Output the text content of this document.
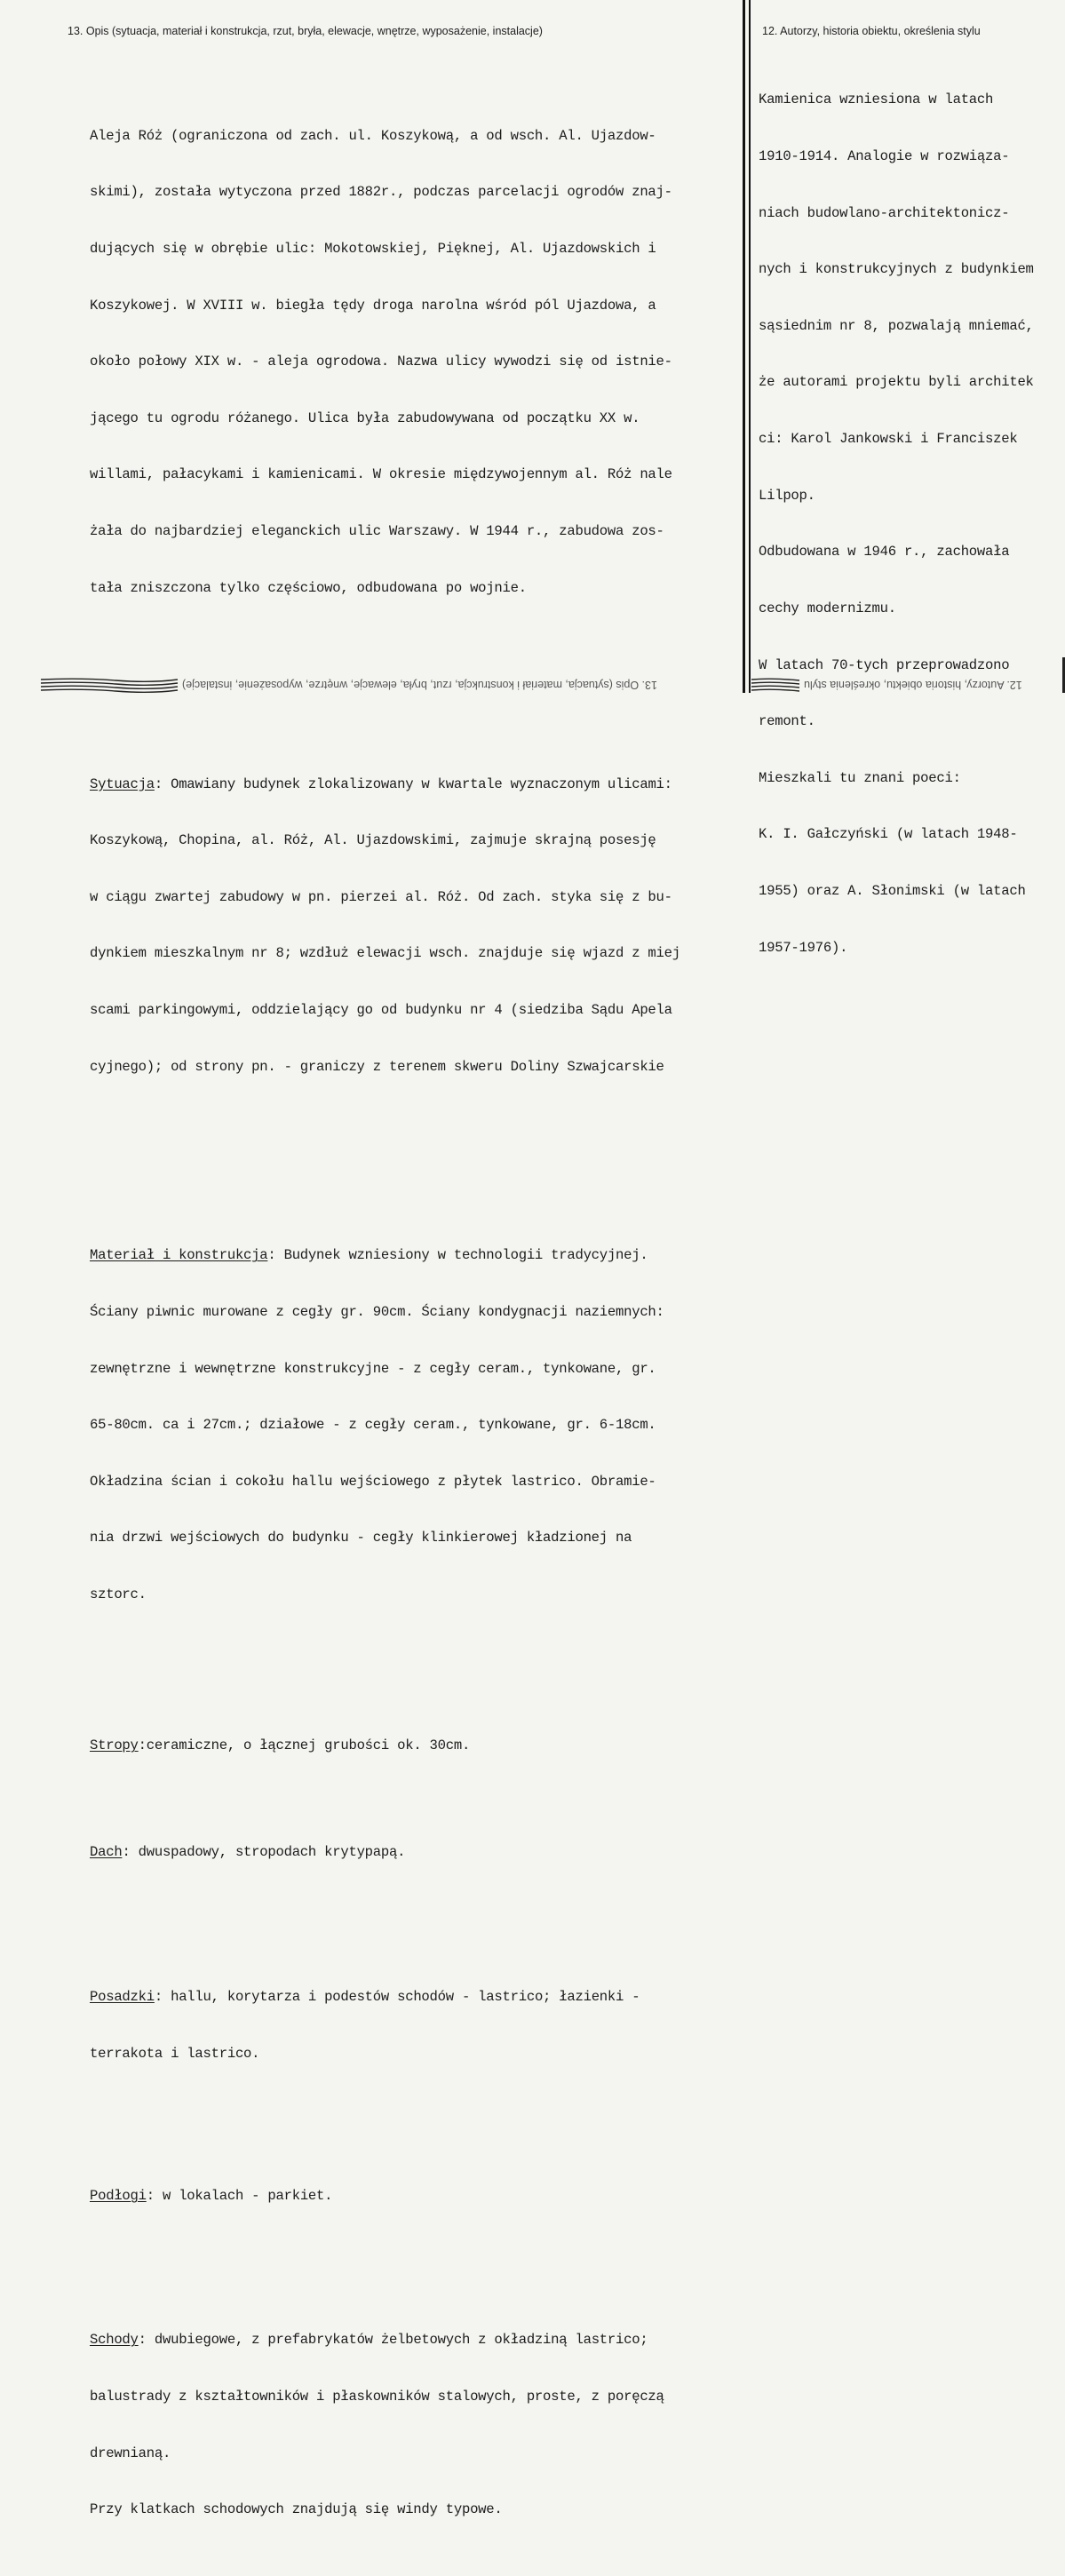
13. Opis (sytuacja, materiał i konstrukcja, rzut, bryła, elewacje, wnętrze, wyposażenie, instalacje)	12. Autorzy, historia obiektu, określenia stylu

Aleja Róż (ograniczona od zach. ul. Koszykową, a od wsch. Al. Ujazdow-

skimi), została wytyczona przed 1882r., podczas parcelacji ogrodów znaj-

dujących się w obrębie ulic: Mokotowskiej, Pięknej, Al. Ujazdowskich i

Koszykowej. W XVIII w. biegła tędy droga narolna wśród pól Ujazdowa, a

około połowy XIX w. - aleja ogrodowa. Nazwa ulicy wywodzi się od istnie-

jącego tu ogrodu różanego. Ulica była zabudowywana od początku XX w.

willami, pałacykami i kamienicami. W okresie międzywojennym al. Róż nale

żała do najbardziej eleganckich ulic Warszawy. W 1944 r., zabudowa zos-

tała zniszczona tylko częściowo, odbudowana po wojnie.

Sytuacja: Omawiany budynek zlokalizowany w kwartale wyznaczonym ulicami:

Koszykową, Chopina, al. Róż, Al. Ujazdowskimi, zajmuje skrajną posesję

w ciągu zwartej zabudowy w pn. pierzei al. Róż. Od zach. styka się z bu-

dynkiem mieszkalnym nr 8; wzdłuż elewacji wsch. znajduje się wjazd z miej

scami parkingowymi, oddzielający go od budynku nr 4 (siedziba Sądu Apela

cyjnego); od strony pn. - graniczy z terenem skweru Doliny Szwajcarskie

Materiał i konstrukcja: Budynek wzniesiony w technologii tradycyjnej.

Ściany piwnic murowane z cegły gr. 90cm. Ściany kondygnacji naziemnych:

zewnętrzne i wewnętrzne konstrukcyjne - z cegły ceram., tynkowane, gr.

65-80cm. ca i 27cm.; działowe - z cegły ceram., tynkowane, gr. 6-18cm.

Okładzina ścian i cokołu hallu wejściowego z płytek lastrico. Obramie-

nia drzwi wejściowych do budynku - cegły klinkierowej kładzionej na

sztorc.

Stropy:ceramiczne, o łącznej grubości ok. 30cm.

Dach: dwuspadowy, stropodach krytypapą.

Posadzki: hallu, korytarza i podestów schodów - lastrico; łazienki -

terrakota i lastrico.

Podłogi: w lokalach - parkiet.

Schody: dwubiegowe, z prefabrykatów żelbetowych z okładziną lastrico;

balustrady z kształtowników i płaskowników stalowych, proste, z poręczą

drewnianą.

Przy klatkach schodowych znajdują się windy typowe.

Kamienica wzniesiona w latach

1910-1914. Analogie w rozwiąza-

niach budowlano-architektonicz-

nych i konstrukcyjnych z budynkiem

sąsiednim nr 8, pozwalają mniemać,

że autorami projektu byli architek

ci: Karol Jankowski i Franciszek

Lilpop.

Odbudowana w 1946 r., zachowała

cechy modernizmu.

W latach 70-tych przeprowadzono

remont.

Mieszkali tu znani poeci:

K. I. Gałczyński (w latach 1948-

1955) oraz A. Słonimski (w latach

1957-1976).

13. Opis (sytuacja, materiał i konstrukcja, rzut, bryła, elewacje, wnętrze, wyposażenie, instalacje)	12. Autorzy, historia obiektu, określenia stylu
